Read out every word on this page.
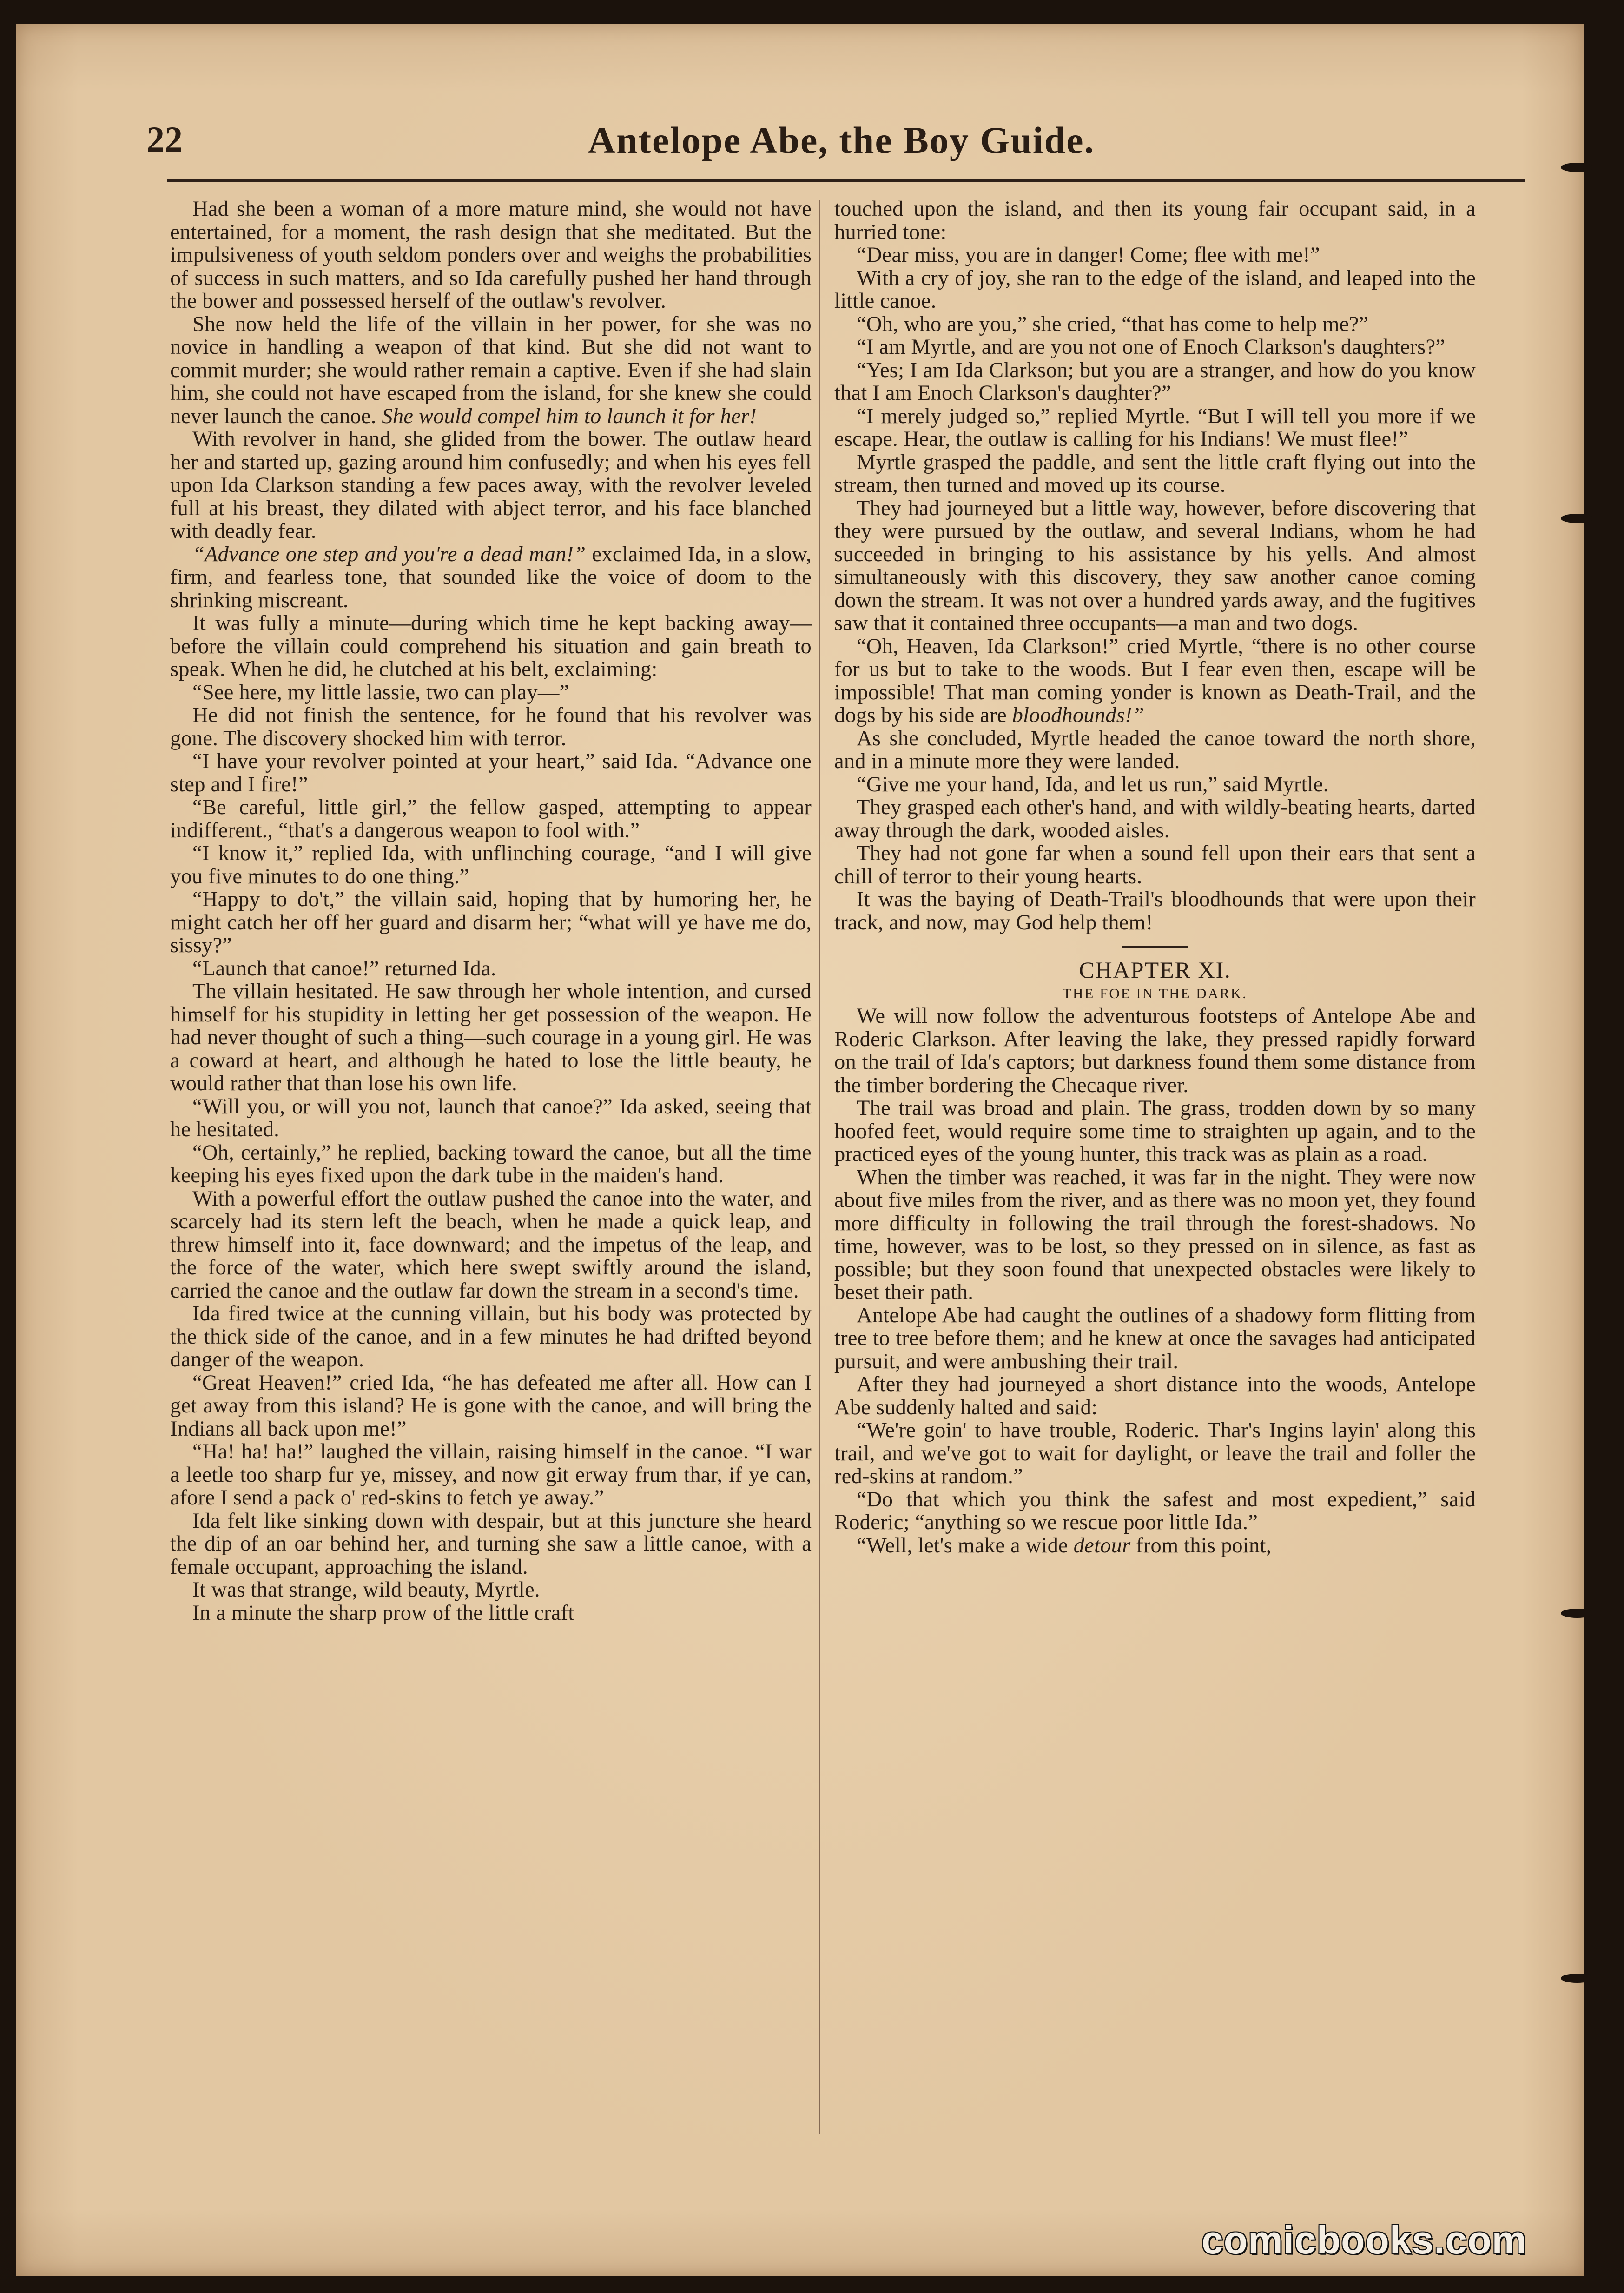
22	Antelope Abe, the Boy Guide.

Had she been a woman of a more mature mind, she would not have entertained, for a moment, the rash design that she meditated. But the impulsiveness of youth seldom ponders over and weighs the probabilities of success in such matters, and so Ida carefully pushed her hand through the bower and possessed herself of the outlaw's revolver.

She now held the life of the villain in her power, for she was no novice in handling a weapon of that kind. But she did not want to commit murder; she would rather remain a captive. Even if she had slain him, she could not have escaped from the island, for she knew she could never launch the canoe. She would compel him to launch it for her!

With revolver in hand, she glided from the bower. The outlaw heard her and started up, gazing around him confusedly; and when his eyes fell upon Ida Clarkson standing a few paces away, with the revolver leveled full at his breast, they dilated with abject terror, and his face blanched with deadly fear.

“Advance one step and you're a dead man!” exclaimed Ida, in a slow, firm, and fearless tone, that sounded like the voice of doom to the shrinking miscreant.

It was fully a minute—during which time he kept backing away—before the villain could comprehend his situation and gain breath to speak. When he did, he clutched at his belt, exclaiming:

“See here, my little lassie, two can play—”

He did not finish the sentence, for he found that his revolver was gone. The discovery shocked him with terror.

“I have your revolver pointed at your heart,” said Ida. “Advance one step and I fire!”

“Be careful, little girl,” the fellow gasped, attempting to appear indifferent., “that's a dangerous weapon to fool with.”

“I know it,” replied Ida, with unflinching courage, “and I will give you five minutes to do one thing.”

“Happy to do't,” the villain said, hoping that by humoring her, he might catch her off her guard and disarm her; “what will ye have me do, sissy?”

“Launch that canoe!” returned Ida.

The villain hesitated. He saw through her whole intention, and cursed himself for his stupidity in letting her get possession of the weapon. He had never thought of such a thing—such courage in a young girl. He was a coward at heart, and although he hated to lose the little beauty, he would rather that than lose his own life.

“Will you, or will you not, launch that canoe?” Ida asked, seeing that he hesitated.

“Oh, certainly,” he replied, backing toward the canoe, but all the time keeping his eyes fixed upon the dark tube in the maiden's hand.

With a powerful effort the outlaw pushed the canoe into the water, and scarcely had its stern left the beach, when he made a quick leap, and threw himself into it, face downward; and the impetus of the leap, and the force of the water, which here swept swiftly around the island, carried the canoe and the outlaw far down the stream in a second's time.

Ida fired twice at the cunning villain, but his body was protected by the thick side of the canoe, and in a few minutes he had drifted beyond danger of the weapon.

“Great Heaven!” cried Ida, “he has defeated me after all. How can I get away from this island? He is gone with the canoe, and will bring the Indians all back upon me!”

“Ha! ha! ha!” laughed the villain, raising himself in the canoe. “I war a leetle too sharp fur ye, missey, and now git erway frum thar, if ye can, afore I send a pack o' red-skins to fetch ye away.”

Ida felt like sinking down with despair, but at this juncture she heard the dip of an oar behind her, and turning she saw a little canoe, with a female occupant, approaching the island.

It was that strange, wild beauty, Myrtle.

In a minute the sharp prow of the little craft

touched upon the island, and then its young fair occupant said, in a hurried tone:

“Dear miss, you are in danger! Come; flee with me!”

With a cry of joy, she ran to the edge of the island, and leaped into the little canoe.

“Oh, who are you,” she cried, “that has come to help me?”

“I am Myrtle, and are you not one of Enoch Clarkson's daughters?”

“Yes; I am Ida Clarkson; but you are a stranger, and how do you know that I am Enoch Clarkson's daughter?”

“I merely judged so,” replied Myrtle. “But I will tell you more if we escape. Hear, the outlaw is calling for his Indians! We must flee!”

Myrtle grasped the paddle, and sent the little craft flying out into the stream, then turned and moved up its course.

They had journeyed but a little way, however, before discovering that they were pursued by the outlaw, and several Indians, whom he had succeeded in bringing to his assistance by his yells. And almost simultaneously with this discovery, they saw another canoe coming down the stream. It was not over a hundred yards away, and the fugitives saw that it contained three occupants—a man and two dogs.

“Oh, Heaven, Ida Clarkson!” cried Myrtle, “there is no other course for us but to take to the woods. But I fear even then, escape will be impossible! That man coming yonder is known as Death-Trail, and the dogs by his side are bloodhounds!”

As she concluded, Myrtle headed the canoe toward the north shore, and in a minute more they were landed.

“Give me your hand, Ida, and let us run,” said Myrtle.

They grasped each other's hand, and with wildly-beating hearts, darted away through the dark, wooded aisles.

They had not gone far when a sound fell upon their ears that sent a chill of terror to their young hearts.

It was the baying of Death-Trail's bloodhounds that were upon their track, and now, may God help them!

CHAPTER XI.

THE FOE IN THE DARK.

We will now follow the adventurous footsteps of Antelope Abe and Roderic Clarkson. After leaving the lake, they pressed rapidly forward on the trail of Ida's captors; but darkness found them some distance from the timber bordering the Checaque river.

The trail was broad and plain. The grass, trodden down by so many hoofed feet, would require some time to straighten up again, and to the practiced eyes of the young hunter, this track was as plain as a road.

When the timber was reached, it was far in the night. They were now about five miles from the river, and as there was no moon yet, they found more difficulty in following the trail through the forest-shadows. No time, however, was to be lost, so they pressed on in silence, as fast as possible; but they soon found that unexpected obstacles were likely to beset their path.

Antelope Abe had caught the outlines of a shadowy form flitting from tree to tree before them; and he knew at once the savages had anticipated pursuit, and were ambushing their trail.

After they had journeyed a short distance into the woods, Antelope Abe suddenly halted and said:

“We're goin' to have trouble, Roderic. Thar's Ingins layin' along this trail, and we've got to wait for daylight, or leave the trail and foller the red-skins at random.”

“Do that which you think the safest and most expedient,” said Roderic; “anything so we rescue poor little Ida.”

“Well, let's make a wide detour from this point,

comicbooks.com
